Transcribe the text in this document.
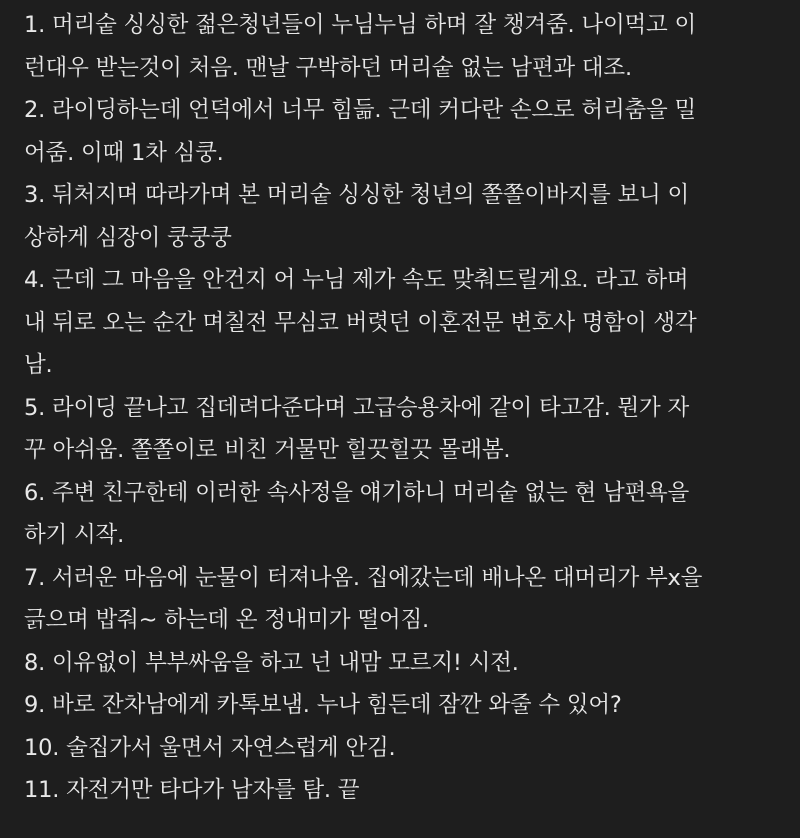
1. 머리숱 싱싱한 젊은청년들이 누님누님 하며 잘 챙겨줌. 나이먹고 이
런대우 받는것이 처음. 맨날 구박하던 머리숱 없는 남편과 대조.
2. 라이딩하는데 언덕에서 너무 힘듦. 근데 커다란 손으로 허리춤을 밀
어줌. 이때 1차 심쿵.
3. 뒤처지며 따라가며 본 머리숱 싱싱한 청년의 쫄쫄이바지를 보니 이
상하게 심장이 쿵쿵쿵
4. 근데 그 마음을 안건지 어 누님 제가 속도 맞춰드릴게요. 라고 하며
내 뒤로 오는 순간 며칠전 무심코 버렷던 이혼전문 변호사 명함이 생각
남.
5. 라이딩 끝나고 집데려다준다며 고급승용차에 같이 타고감. 뭔가 자
꾸 아쉬움. 쫄쫄이로 비친 거물만 힐끗힐끗 몰래봄.
6. 주변 친구한테 이러한 속사정을 얘기하니 머리숱 없는 현 남편욕을
하기 시작.
7. 서러운 마음에 눈물이 터져나옴. 집에갔는데 배나온 대머리가 부x을
긁으며 밥줘~ 하는데 온 정내미가 떨어짐.
8. 이유없이 부부싸움을 하고 넌 내맘 모르지! 시전.
9. 바로 잔차남에게 카톡보냄. 누나 힘든데 잠깐 와줄 수 있어?
10. 술집가서 울면서 자연스럽게 안김.
11. 자전거만 타다가 남자를 탐. 끝
